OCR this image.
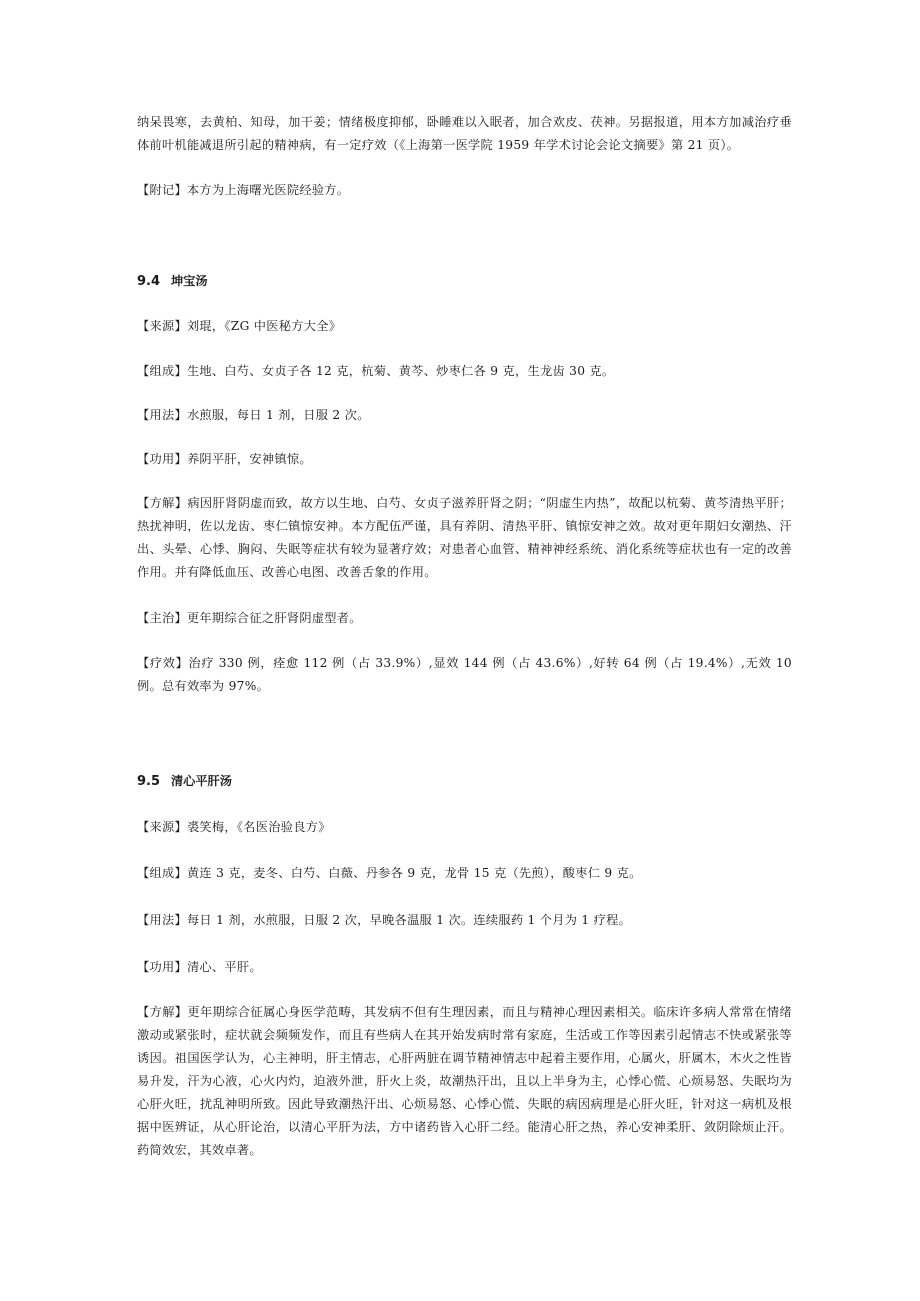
纳呆畏寒，去黄柏、知母，加干姜；情绪极度抑郁，卧睡难以入眠者，加合欢皮、茯神。另据报道，用本方加减治疗垂体前叶机能减退所引起的精神病，有一定疗效（《上海第一医学院 1959 年学术讨论会论文摘要》第 21 页）。

【附记】本方为上海曙光医院经验方。

9.4 坤宝汤

【来源】刘琨，《ZG 中医秘方大全》

【组成】生地、白芍、女贞子各 12 克，杭菊、黄芩、炒枣仁各 9 克，生龙齿 30 克。

【用法】水煎服，每日 1 剂，日服 2 次。

【功用】养阴平肝，安神镇惊。

【方解】病因肝肾阴虚而致，故方以生地、白芍、女贞子滋养肝肾之阴；“阴虚生内热”，故配以杭菊、黄芩清热平肝；热扰神明，佐以龙齿、枣仁镇惊安神。本方配伍严谨，具有养阴、清热平肝、镇惊安神之效。故对更年期妇女潮热、汗出、头晕、心悸、胸闷、失眠等症状有较为显著疗效；对患者心血管、精神神经系统、消化系统等症状也有一定的改善作用。并有降低血压、改善心电图、改善舌象的作用。

【主治】更年期综合征之肝肾阴虚型者。

【疗效】治疗 330 例，痊愈 112 例（占 33.9%）,显效 144 例（占 43.6%）,好转 64 例（占 19.4%）,无效 10 例。总有效率为 97%。

9.5 清心平肝汤

【来源】裘笑梅，《名医治验良方》

【组成】黄连 3 克，麦冬、白芍、白薇、丹参各 9 克，龙骨 15 克（先煎），酸枣仁 9 克。

【用法】每日 1 剂，水煎服，日服 2 次，早晚各温服 1 次。连续服药 1 个月为 1 疗程。

【功用】清心、平肝。

【方解】更年期综合征属心身医学范畴，其发病不但有生理因素，而且与精神心理因素相关。临床许多病人常常在情绪激动或紧张时，症状就会频频发作，而且有些病人在其开始发病时常有家庭，生活或工作等因素引起情志不快或紧张等诱因。祖国医学认为，心主神明，肝主情志，心肝两脏在调节精神情志中起着主要作用，心属火，肝属木，木火之性皆易升发，汗为心液，心火内灼，迫液外泄，肝火上炎，故潮热汗出，且以上半身为主，心悸心慌、心烦易怒、失眠均为心肝火旺，扰乱神明所致。因此导致潮热汗出、心烦易怒、心悸心慌、失眠的病因病理是心肝火旺，针对这一病机及根据中医辨证，从心肝论治，以清心平肝为法，方中诸药皆入心肝二经。能清心肝之热，养心安神柔肝、敛阴除烦止汗。药简效宏，其效卓著。
